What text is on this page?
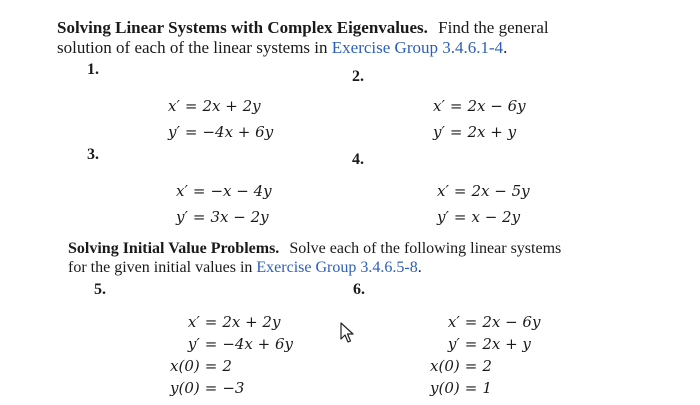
Solving Linear Systems with Complex Eigenvalues. Find the general
solution of each of the linear systems in Exercise Group 3.4.6.1-4.
1.	2.
3.	4.
x′ = 2x + 2y
y′ = −4x + 6y
x′ = 2x − 6y
y′ = 2x + y
x′ = −x − 4y
y′ = 3x − 2y
x′ = 2x − 5y
y′ = x − 2y
Solving Initial Value Problems. Solve each of the following linear systems
for the given initial values in Exercise Group 3.4.6.5-8.
5.	6.
x′ = 2x + 2y
y′ = −4x + 6y
x(0) = 2
y(0) = −3
x′ = 2x − 6y
y′ = 2x + y
x(0) = 2
y(0) = 1
